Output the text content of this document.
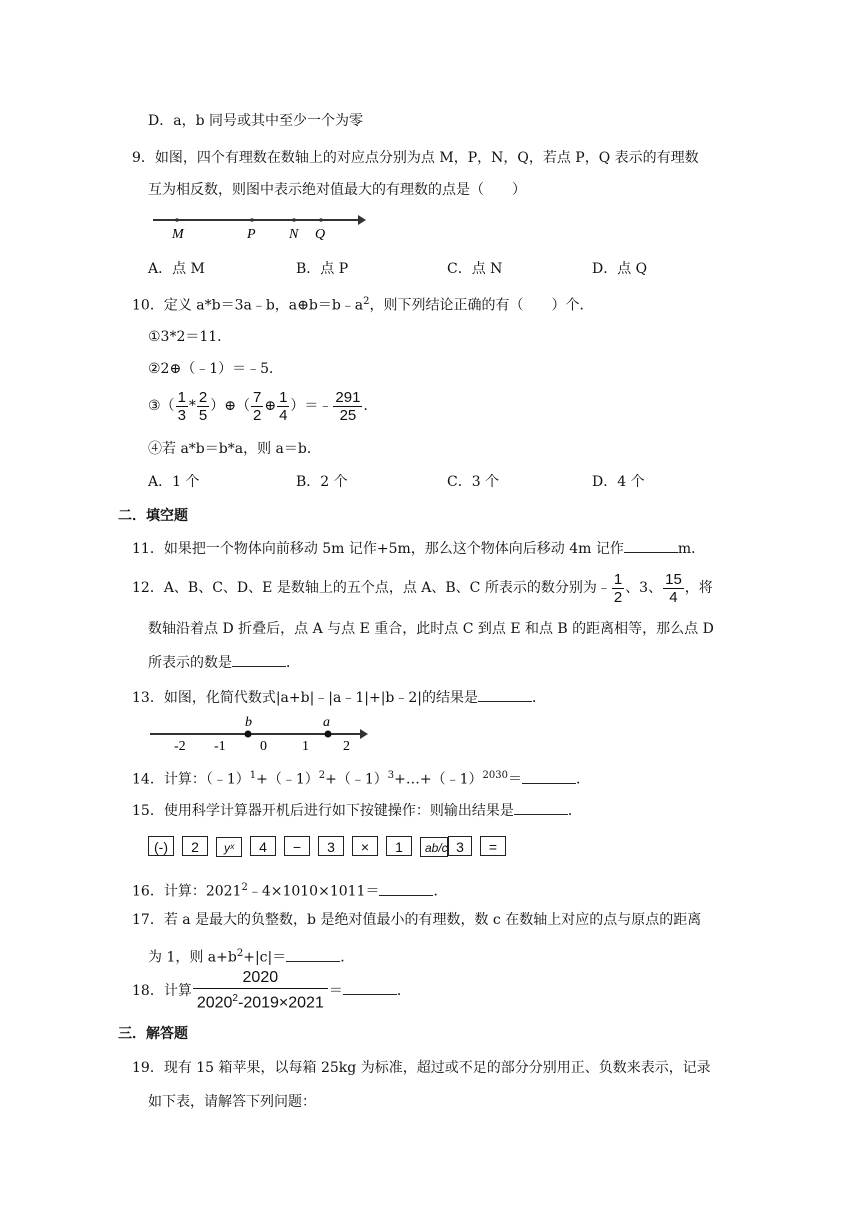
D．a，b 同号或其中至少一个为零
9．如图，四个有理数在数轴上的对应点分别为点 M，P，N，Q，若点 P，Q 表示的有理数
互为相反数，则图中表示绝对值最大的有理数的点是（　　）
M	P N Q
A．点 M	B．点 P	C．点 N	D．点 Q
10．定义 a*b＝3a﹣b，$a\oplus b=b﹣a^2$，则下列结论正确的有（　　）个．
①3*2＝11．
②2⊕（﹣1）＝﹣5．
③（ $\frac{1}{3} * \frac{2}{5}$ ）⊕（ $\frac{7}{2}$ ⊕ $\frac{1}{4}$ ）＝﹣ $\frac{291}{25}$ ．
④若 a*b＝b*a，则 a＝b．
A．1 个	B．2 个	C．3 个	D．4 个
二．填空题
11．如果把一个物体向前移动 5m 记作+5m，那么这个物体向后移动 4m 记作	m．
12．A、B、C、D、E 是数轴上的五个点，点 A、B、C 所表示的数分别为﹣ $\frac{1}{2}$ 、3、 $\frac{15}{4}$ ，将
数轴沿着点 D 折叠后，点 A 与点 E 重合，此时点 C 到点 E 和点 B 的距离相等，那么点 D
所表示的数是	．
13．如图，化简代数式|a+b|﹣|a﹣1|+|b﹣2|的结果是	．
b	a
-2 -1 0	1 2
14．计算：（﹣1）$^1$+（﹣1）$^2$+（﹣1）$^3$+…+（﹣1）$^{2030}$＝	．
15．使用科学计算器开机后进行如下按键操作：则输出结果是	．
(-) 2 yˣ 4 − 3 × 1 ab/c 3 =
16．计算：$2021^2﹣4\times 1010\times 1011=$	．
17．若 a 是最大的负整数，b 是绝对值最小的有理数，数 c 在数轴上对应的点与原点的距离
为 1，则 $a+b^2+|c|=$	．
18．计算 $\frac{2020}{2020^2-2019\times 2021}$ ＝	．
三．解答题
19．现有 15 箱苹果，以每箱 25kg 为标准，超过或不足的部分分别用正、负数来表示，记录
如下表，请解答下列问题：
